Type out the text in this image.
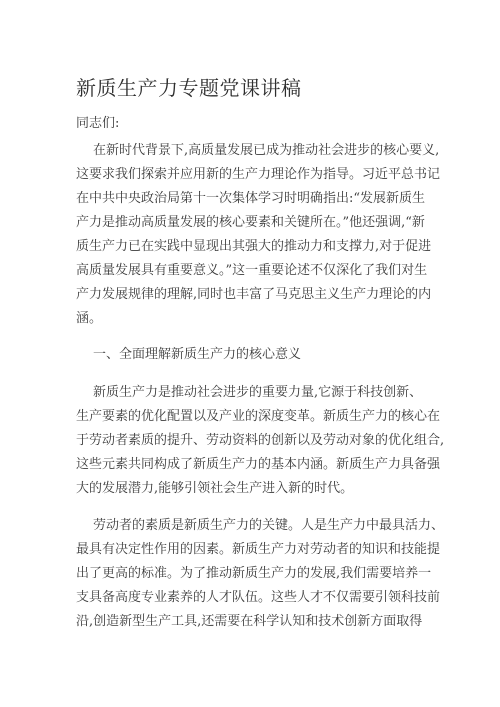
新质生产力专题党课讲稿
同志们:
在新时代背景下,高质量发展已成为推动社会进步的核心要义,
这要求我们探索并应用新的生产力理论作为指导。习近平总书记
在中共中央政治局第十一次集体学习时明确指出:“发展新质生
产力是推动高质量发展的核心要素和关键所在。”他还强调,“新
质生产力已在实践中显现出其强大的推动力和支撑力,对于促进
高质量发展具有重要意义。”这一重要论述不仅深化了我们对生
产力发展规律的理解,同时也丰富了马克思主义生产力理论的内
涵。
一、全面理解新质生产力的核心意义
新质生产力是推动社会进步的重要力量,它源于科技创新、
生产要素的优化配置以及产业的深度变革。新质生产力的核心在
于劳动者素质的提升、劳动资料的创新以及劳动对象的优化组合,
这些元素共同构成了新质生产力的基本内涵。新质生产力具备强
大的发展潜力,能够引领社会生产进入新的时代。
劳动者的素质是新质生产力的关键。人是生产力中最具活力、
最具有决定性作用的因素。新质生产力对劳动者的知识和技能提
出了更高的标准。为了推动新质生产力的发展,我们需要培养一
支具备高度专业素养的人才队伍。这些人才不仅需要引领科技前
沿,创造新型生产工具,还需要在科学认知和技术创新方面取得
